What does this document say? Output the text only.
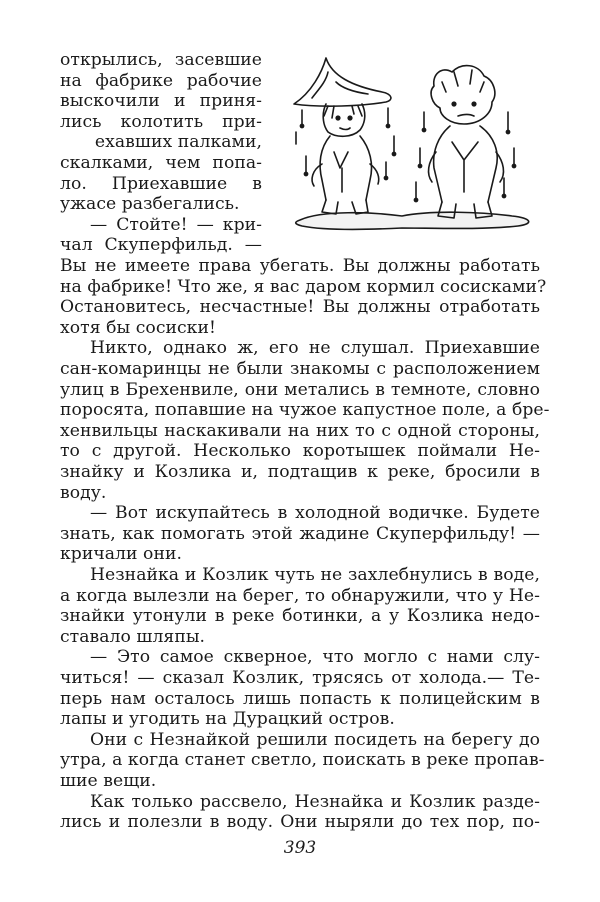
открылись, засевшие
на фабрике рабочие
выскочили и приня-
лись колотить при-
ехавших палками,
скалками, чем попа-
ло. Приехавшие в
ужасе разбегались.
— Стойте! — кри-
чал Скуперфильд. —
Вы не имеете права убегать. Вы должны работать
на фабрике! Что же, я вас даром кормил сосисками?
Остановитесь, несчастные! Вы должны отработать
хотя бы сосиски!
Никто, однако ж, его не слушал. Приехавшие
сан-комаринцы не были знакомы с расположением
улиц в Брехенвиле, они метались в темноте, словно
поросята, попавшие на чужое капустное поле, а бре-
хенвильцы наскакивали на них то с одной стороны,
то с другой. Несколько коротышек поймали Не-
знайку и Козлика и, подтащив к реке, бросили в
воду.
— Вот искупайтесь в холодной водичке. Будете
знать, как помогать этой жадине Скуперфильду! —
кричали они.
Незнайка и Козлик чуть не захлебнулись в воде,
а когда вылезли на берег, то обнаружили, что у Не-
знайки утонули в реке ботинки, а у Козлика недо-
ставало шляпы.
— Это самое скверное, что могло с нами слу-
читься! — сказал Козлик, трясясь от холода.— Те-
перь нам осталось лишь попасть к полицейским в
лапы и угодить на Дурацкий остров.
Они с Незнайкой решили посидеть на берегу до
утра, а когда станет светло, поискать в реке пропав-
шие вещи.
Как только рассвело, Незнайка и Козлик разде-
лись и полезли в воду. Они ныряли до тех пор, по-
393
